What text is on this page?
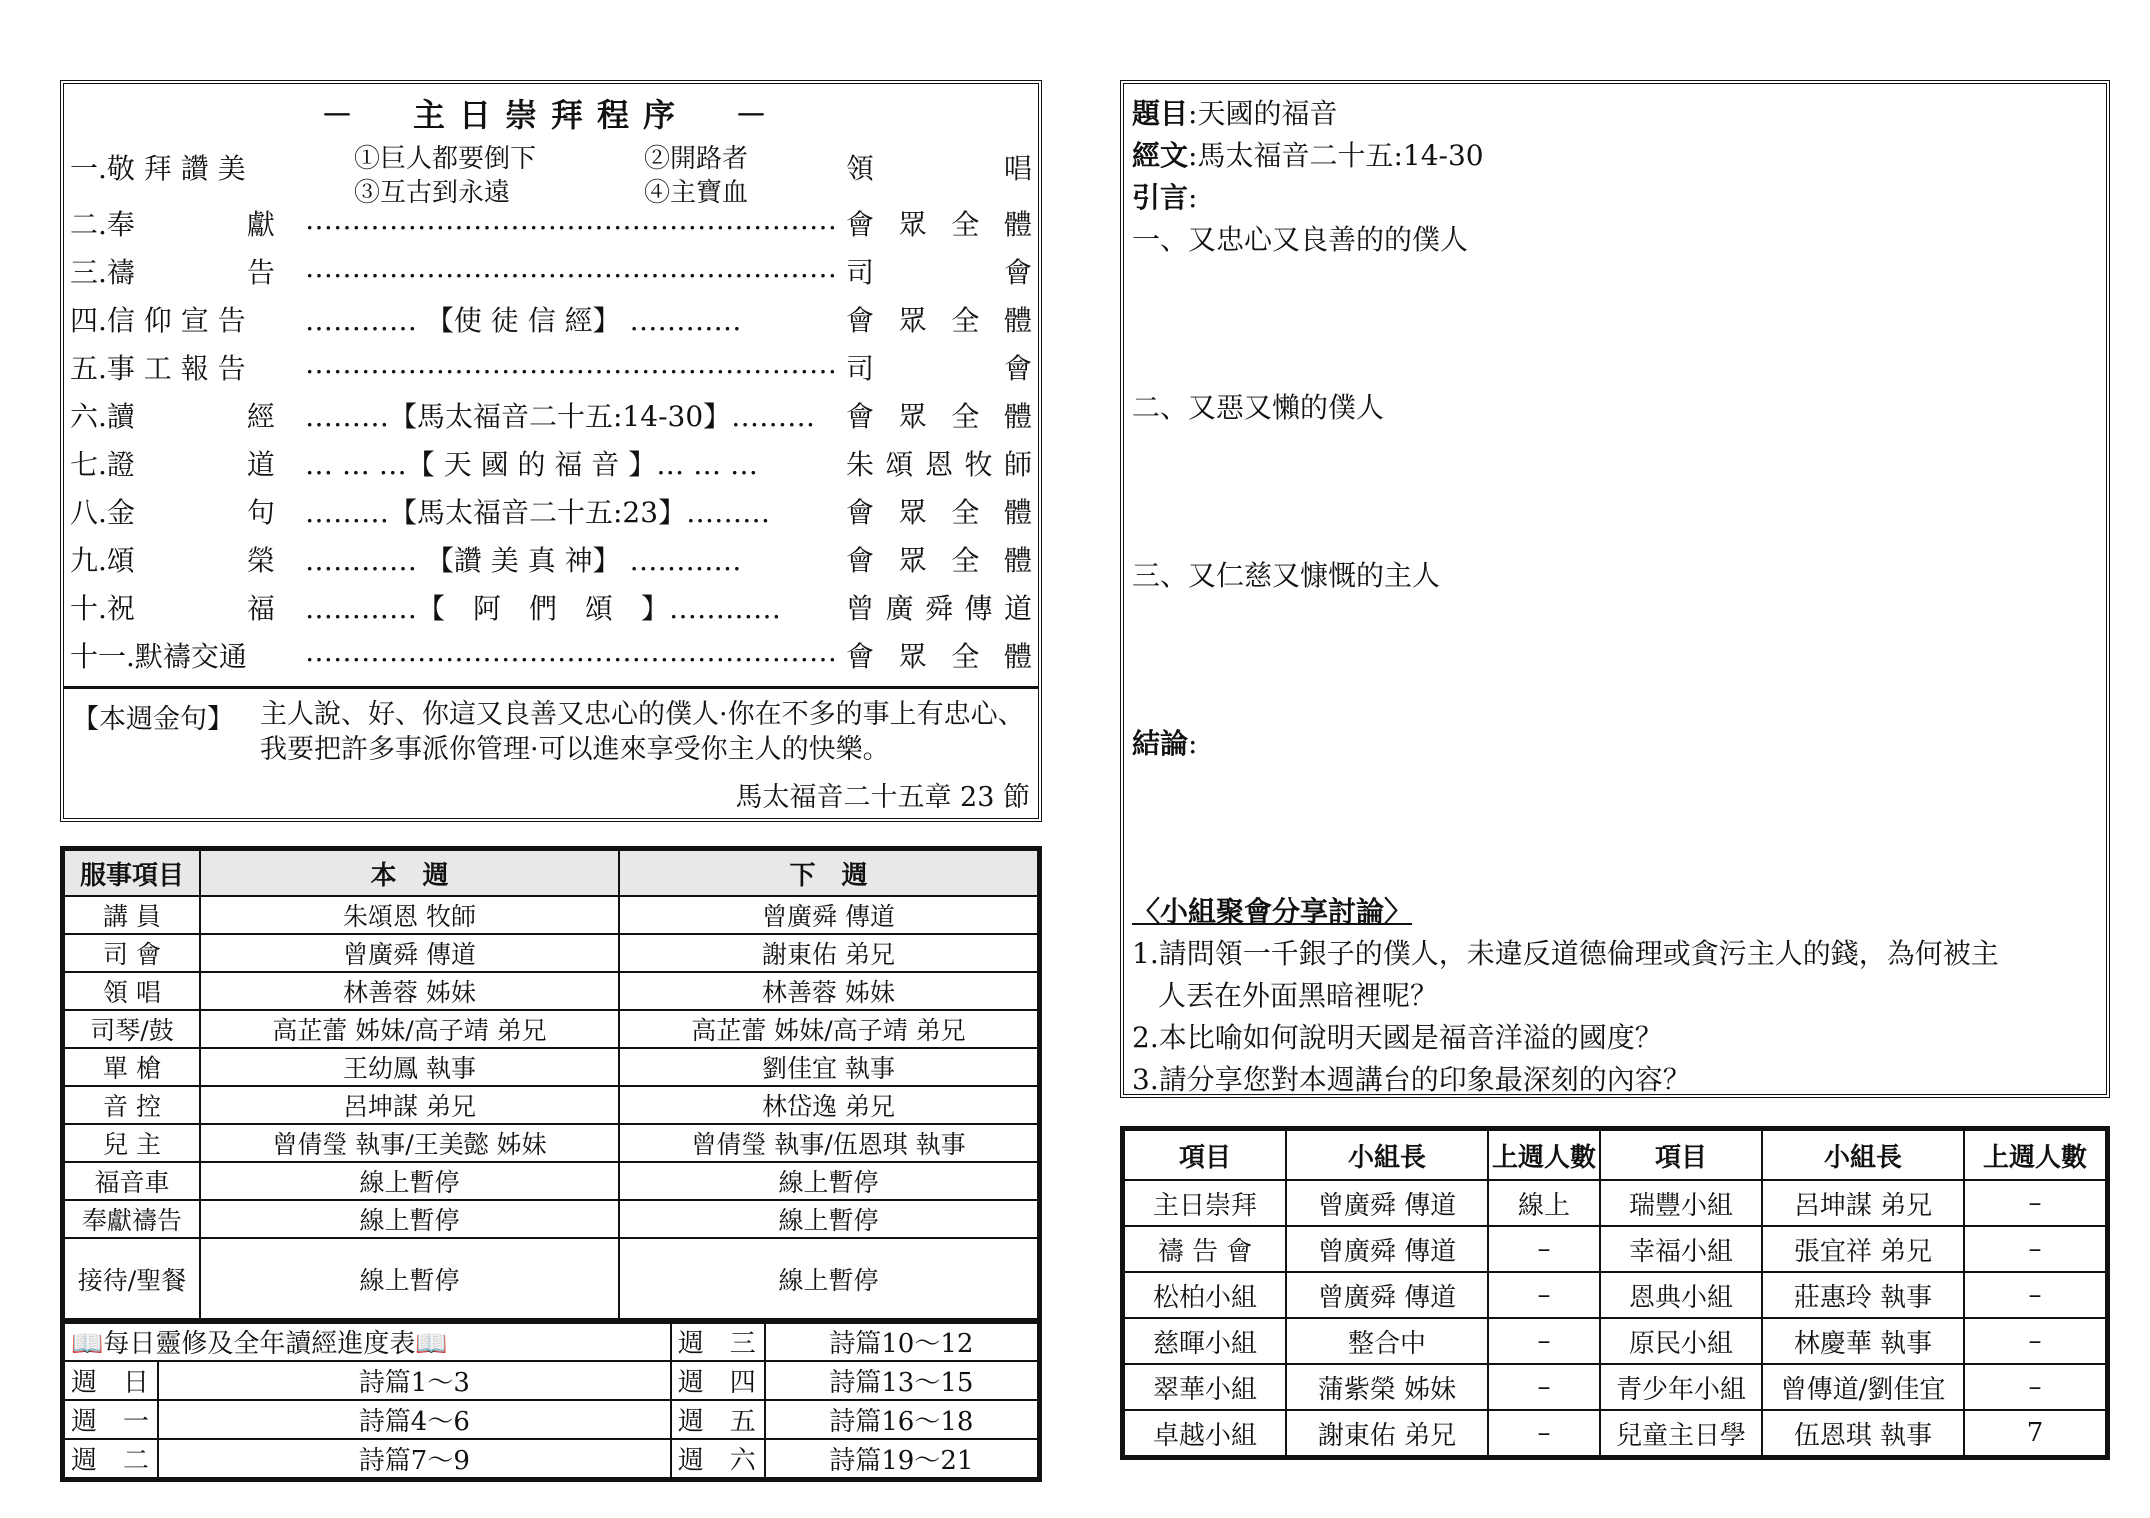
－　主日崇拜程序　－
①巨人都要倒下	②開路者
③互古到永遠	④主寶血
一.敬 拜 讚 美	領唱
二.奉　　　　獻 ………………………………………………… 會眾全體
三.禱　　　　告 ………………………………………………… 司會
四.信 仰 宣 告 ………… 【使 徒 信 經】 …………	會眾全體
五.事 工 報 告 ………………………………………………… 司會
六.讀　　　　經 ………【馬太福音二十五:14-30】……… 會眾全體
七.證　　　　道 … … …【 天 國 的 福 音 】… … …	朱頌恩牧師
八.金　　　　句 ………【馬太福音二十五:23】………	會眾全體
九.頌　　　　榮 ………… 【讚 美 真 神】 …………	會眾全體
十.祝　　　　福 …………【　阿　們　頌　】………… 曾廣舜傳道
十一.默禱交通 ………………………………………………… 會眾全體
【本週金句】 主人說、好、你這又良善又忠心的僕人·你在不多的事上有忠心、我要把許多事派你管理·可以進來享受你主人的快樂。
馬太福音二十五章 23 節
服事項目	本　週	下　週
講 員	朱頌恩 牧師	曾廣舜 傳道
司 會	曾廣舜 傳道	謝東佑 弟兄
領 唱	林善蓉 姊妹	林善蓉 姊妹
司琴/鼓	高芷蕾 姊妹/高子靖 弟兄	高芷蕾 姊妹/高子靖 弟兄
單 槍	王幼鳳 執事	劉佳宜 執事
音 控	呂坤謀 弟兄	林岱逸 弟兄
兒 主	曾倩瑩 執事/王美懿 姊妹	曾倩瑩 執事/伍恩琪 執事
福音車	線上暫停	線上暫停
奉獻禱告	線上暫停	線上暫停
接待/聖餐	線上暫停	線上暫停
📖每日靈修及全年讀經進度表📖		週　三	詩篇10～12
週　日	詩篇1～3	週　四	詩篇13～15
週　一	詩篇4～6	週　五	詩篇16～18
週　二	詩篇7～9	週　六	詩篇19～21
題目:天國的福音
經文:馬太福音二十五:14-30
引言:
一、又忠心又良善的的僕人
二、又惡又懶的僕人
三、又仁慈又慷慨的主人
結論:
〈小組聚會分享討論〉
1.請問領一千銀子的僕人，未違反道德倫理或貪污主人的錢，為何被主
人丟在外面黑暗裡呢？
2.本比喻如何說明天國是福音洋溢的國度？
3.請分享您對本週講台的印象最深刻的內容？
項目	小組長	上週人數	項目	小組長	上週人數
主日崇拜	曾廣舜 傳道	線上	瑞豐小組	呂坤謀 弟兄	–
禱 告 會	曾廣舜 傳道	–	幸福小組	張宜祥 弟兄	–
松柏小組	曾廣舜 傳道	–	恩典小組	莊惠玲 執事	–
慈暉小組	整合中	–	原民小組	林慶華 執事	–
翠華小組	蒲紫榮 姊妹	–	青少年小組	曾傳道/劉佳宜	–
卓越小組	謝東佑 弟兄	–	兒童主日學	伍恩琪 執事	7
